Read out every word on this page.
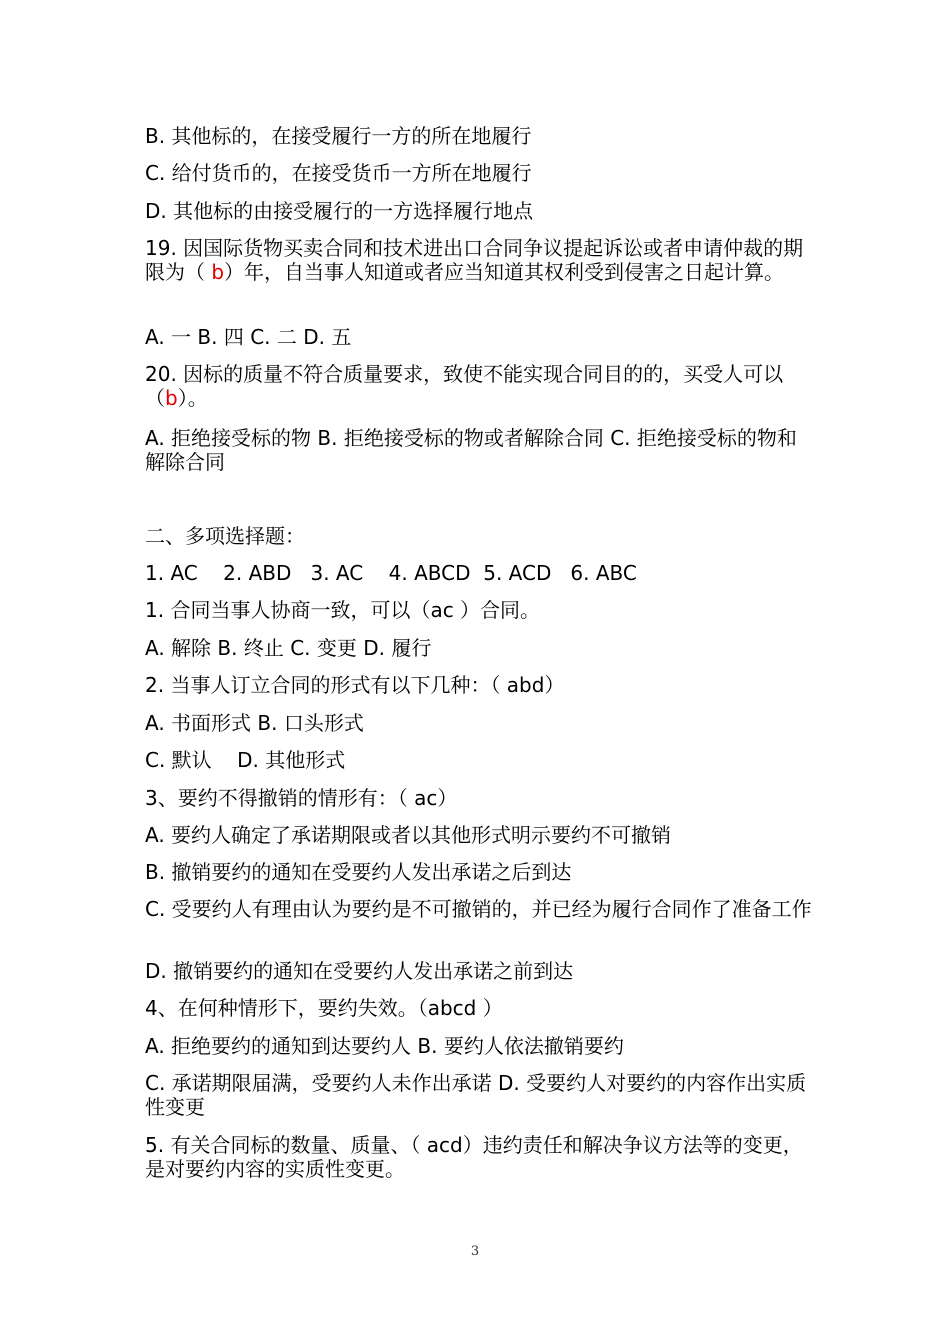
B. 其他标的，在接受履行一方的所在地履行

C. 给付货币的，在接受货币一方所在地履行

D. 其他标的由接受履行的一方选择履行地点

19. 因国际货物买卖合同和技术进出口合同争议提起诉讼或者申请仲裁的期限为（ b）年，自当事人知道或者应当知道其权利受到侵害之日起计算。

A. 一 B. 四 C. 二 D. 五

20. 因标的质量不符合质量要求，致使不能实现合同目的的，买受人可以（b）。

A. 拒绝接受标的物 B. 拒绝接受标的物或者解除合同 C. 拒绝接受标的物和解除合同

二、多项选择题：

1. AC    2. ABD   3. AC    4. ABCD  5. ACD   6. ABC

1. 合同当事人协商一致，可以（ac ）合同。

A. 解除 B. 终止 C. 变更 D. 履行

2. 当事人订立合同的形式有以下几种：（ abd）

A. 书面形式 B. 口头形式

C. 默认    D. 其他形式

3、要约不得撤销的情形有：（ ac）

A. 要约人确定了承诺期限或者以其他形式明示要约不可撤销

B. 撤销要约的通知在受要约人发出承诺之后到达

C. 受要约人有理由认为要约是不可撤销的，并已经为履行合同作了准备工作

D. 撤销要约的通知在受要约人发出承诺之前到达

4、在何种情形下，要约失效。（abcd ）

A. 拒绝要约的通知到达要约人 B. 要约人依法撤销要约

C. 承诺期限届满，受要约人未作出承诺 D. 受要约人对要约的内容作出实质性变更

5. 有关合同标的数量、质量、（ acd）违约责任和解决争议方法等的变更，是对要约内容的实质性变更。

3
